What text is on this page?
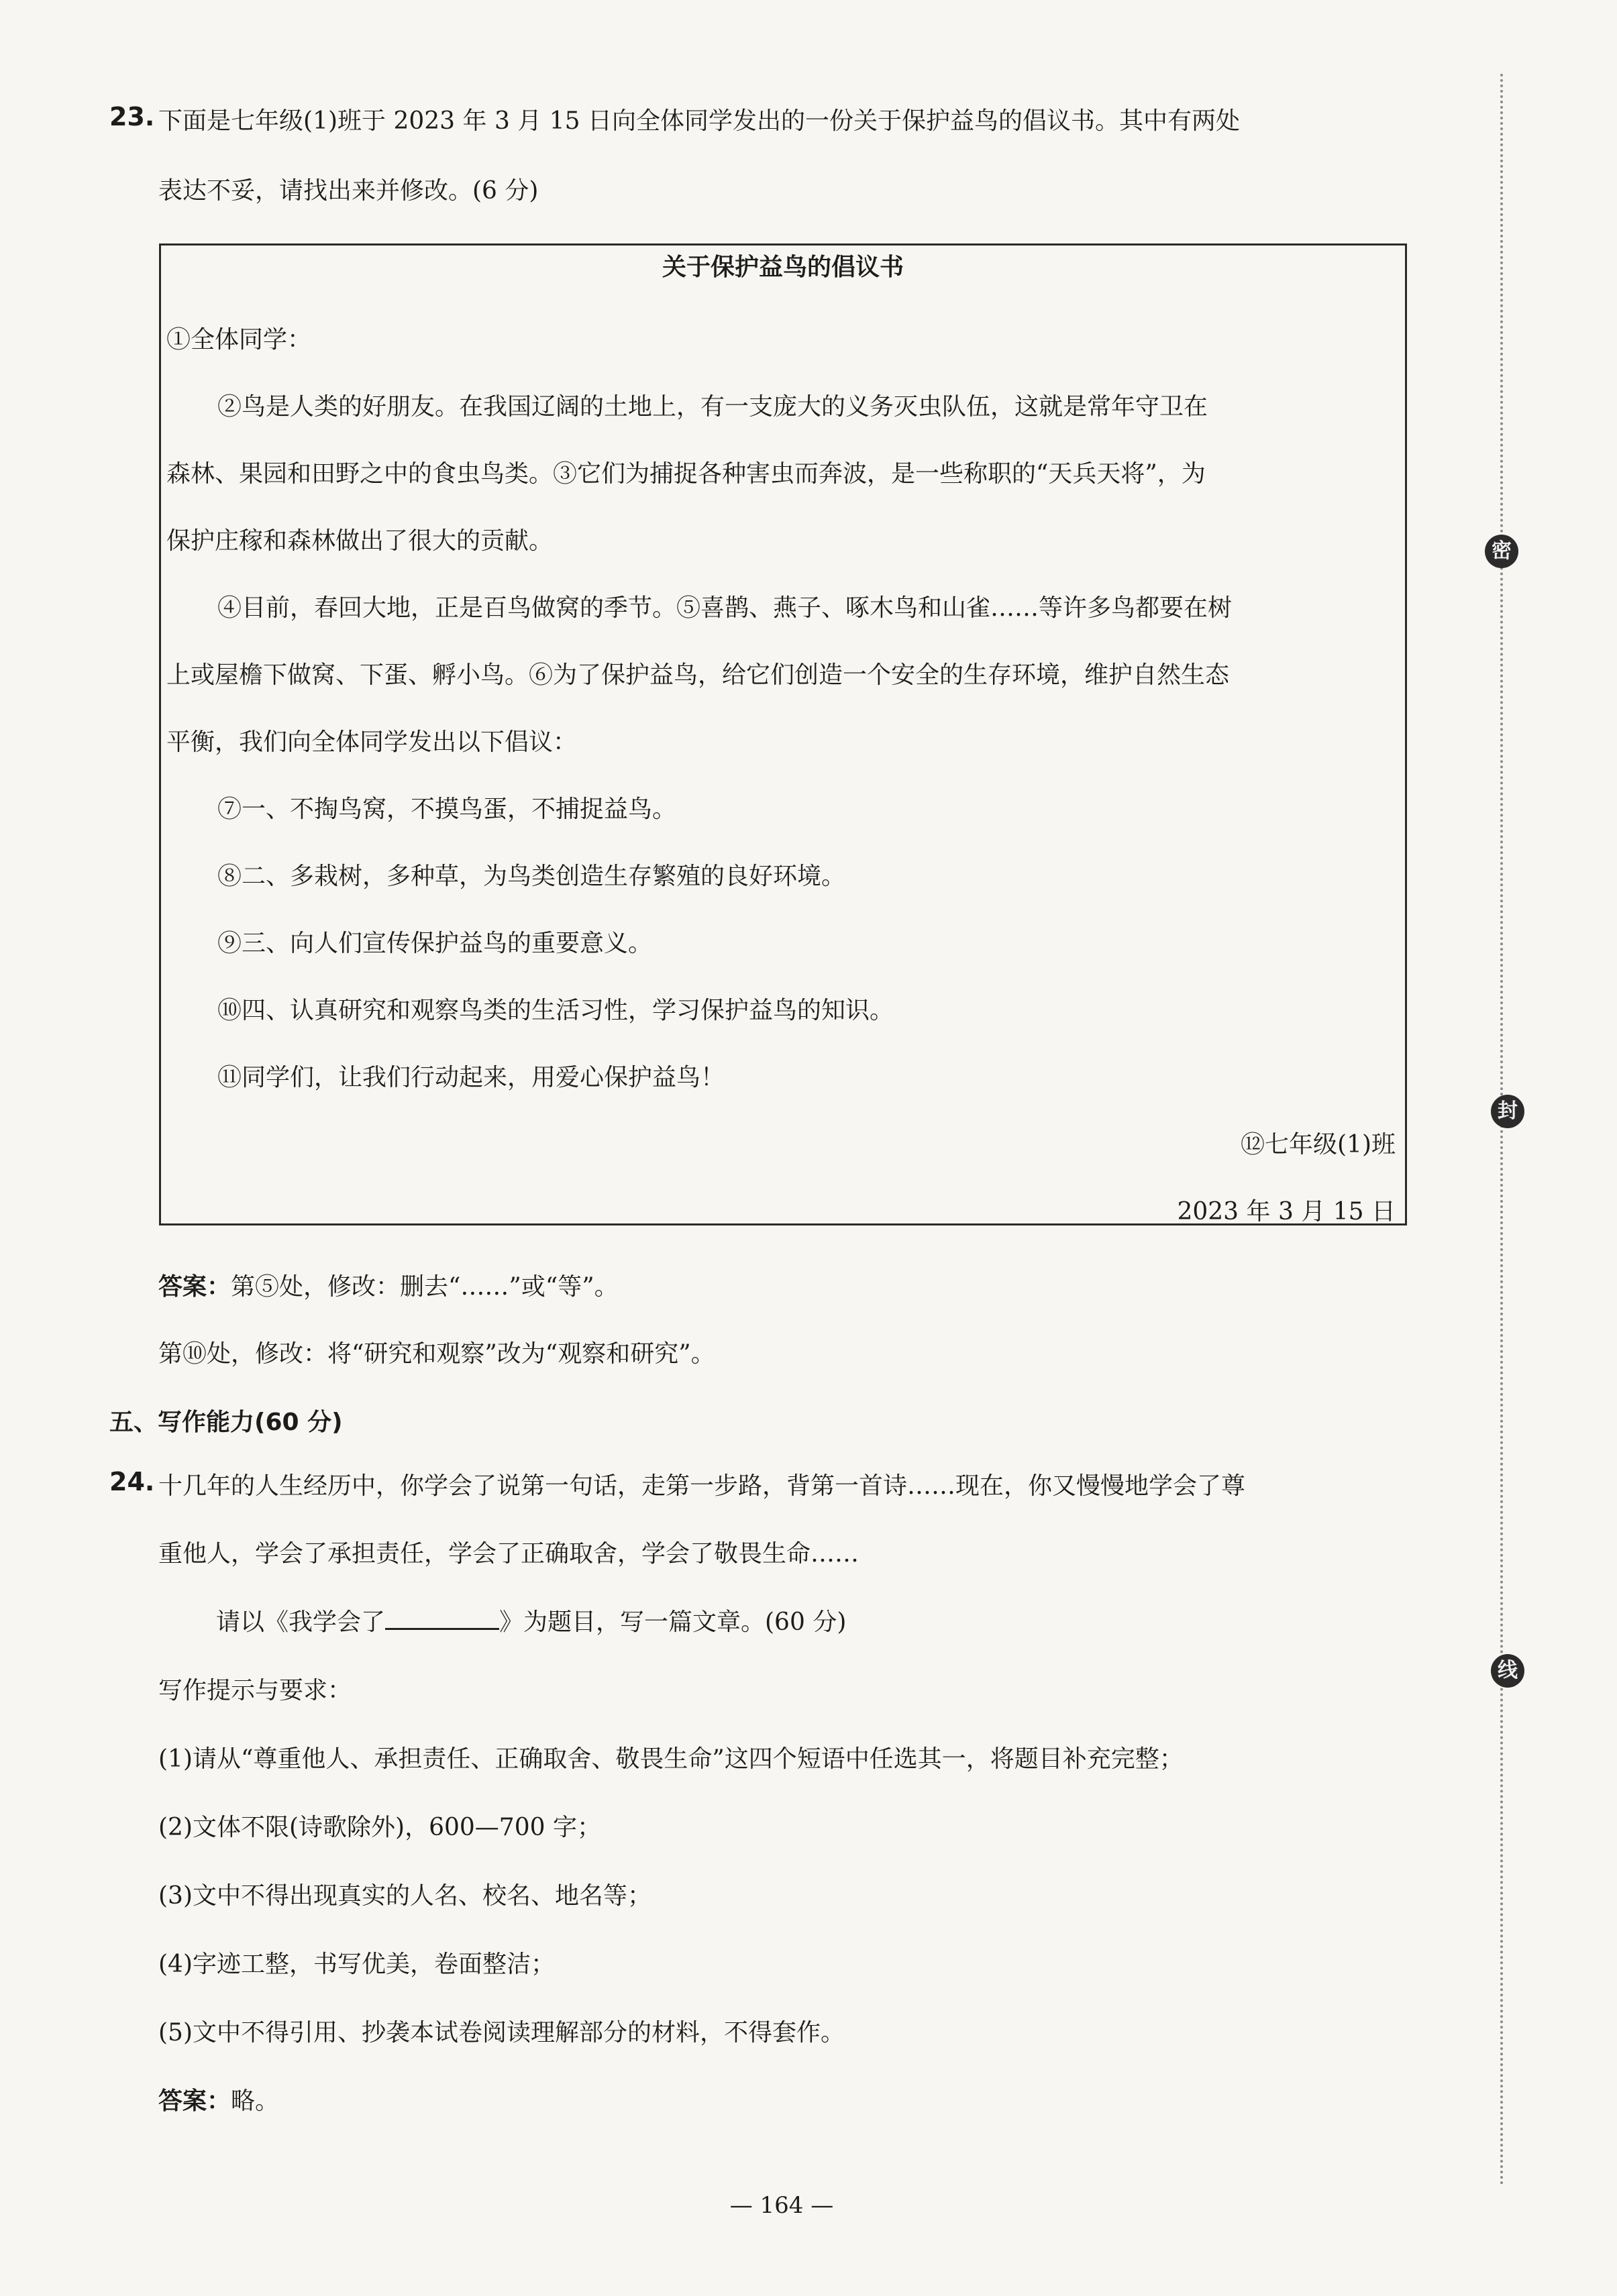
23. 下面是七年级(1)班于 2023 年 3 月 15 日向全体同学发出的一份关于保护益鸟的倡议书。其中有两处
表达不妥，请找出来并修改。(6 分)
关于保护益鸟的倡议书
①全体同学：
②鸟是人类的好朋友。在我国辽阔的土地上，有一支庞大的义务灭虫队伍，这就是常年守卫在
森林、果园和田野之中的食虫鸟类。③它们为捕捉各种害虫而奔波，是一些称职的“天兵天将”，为
保护庄稼和森林做出了很大的贡献。
④目前，春回大地，正是百鸟做窝的季节。⑤喜鹊、燕子、啄木鸟和山雀……等许多鸟都要在树
上或屋檐下做窝、下蛋、孵小鸟。⑥为了保护益鸟，给它们创造一个安全的生存环境，维护自然生态
平衡，我们向全体同学发出以下倡议：
⑦一、不掏鸟窝，不摸鸟蛋，不捕捉益鸟。
⑧二、多栽树，多种草，为鸟类创造生存繁殖的良好环境。
⑨三、向人们宣传保护益鸟的重要意义。
⑩四、认真研究和观察鸟类的生活习性，学习保护益鸟的知识。
⑪同学们，让我们行动起来，用爱心保护益鸟！
⑫七年级(1)班
2023 年 3 月 15 日
答案：第⑤处，修改：删去“……”或“等”。
第⑩处，修改：将“研究和观察”改为“观察和研究”。
五、写作能力(60 分)
24. 十几年的人生经历中，你学会了说第一句话，走第一步路，背第一首诗……现在，你又慢慢地学会了尊
重他人，学会了承担责任，学会了正确取舍，学会了敬畏生命……
请以《我学会了	》为题目，写一篇文章。(60 分)
写作提示与要求：
(1)请从“尊重他人、承担责任、正确取舍、敬畏生命”这四个短语中任选其一，将题目补充完整；
(2)文体不限(诗歌除外)，600—700 字；
(3)文中不得出现真实的人名、校名、地名等；
(4)字迹工整，书写优美，卷面整洁；
(5)文中不得引用、抄袭本试卷阅读理解部分的材料，不得套作。
答案：略。
密
封
线
— 164 —
